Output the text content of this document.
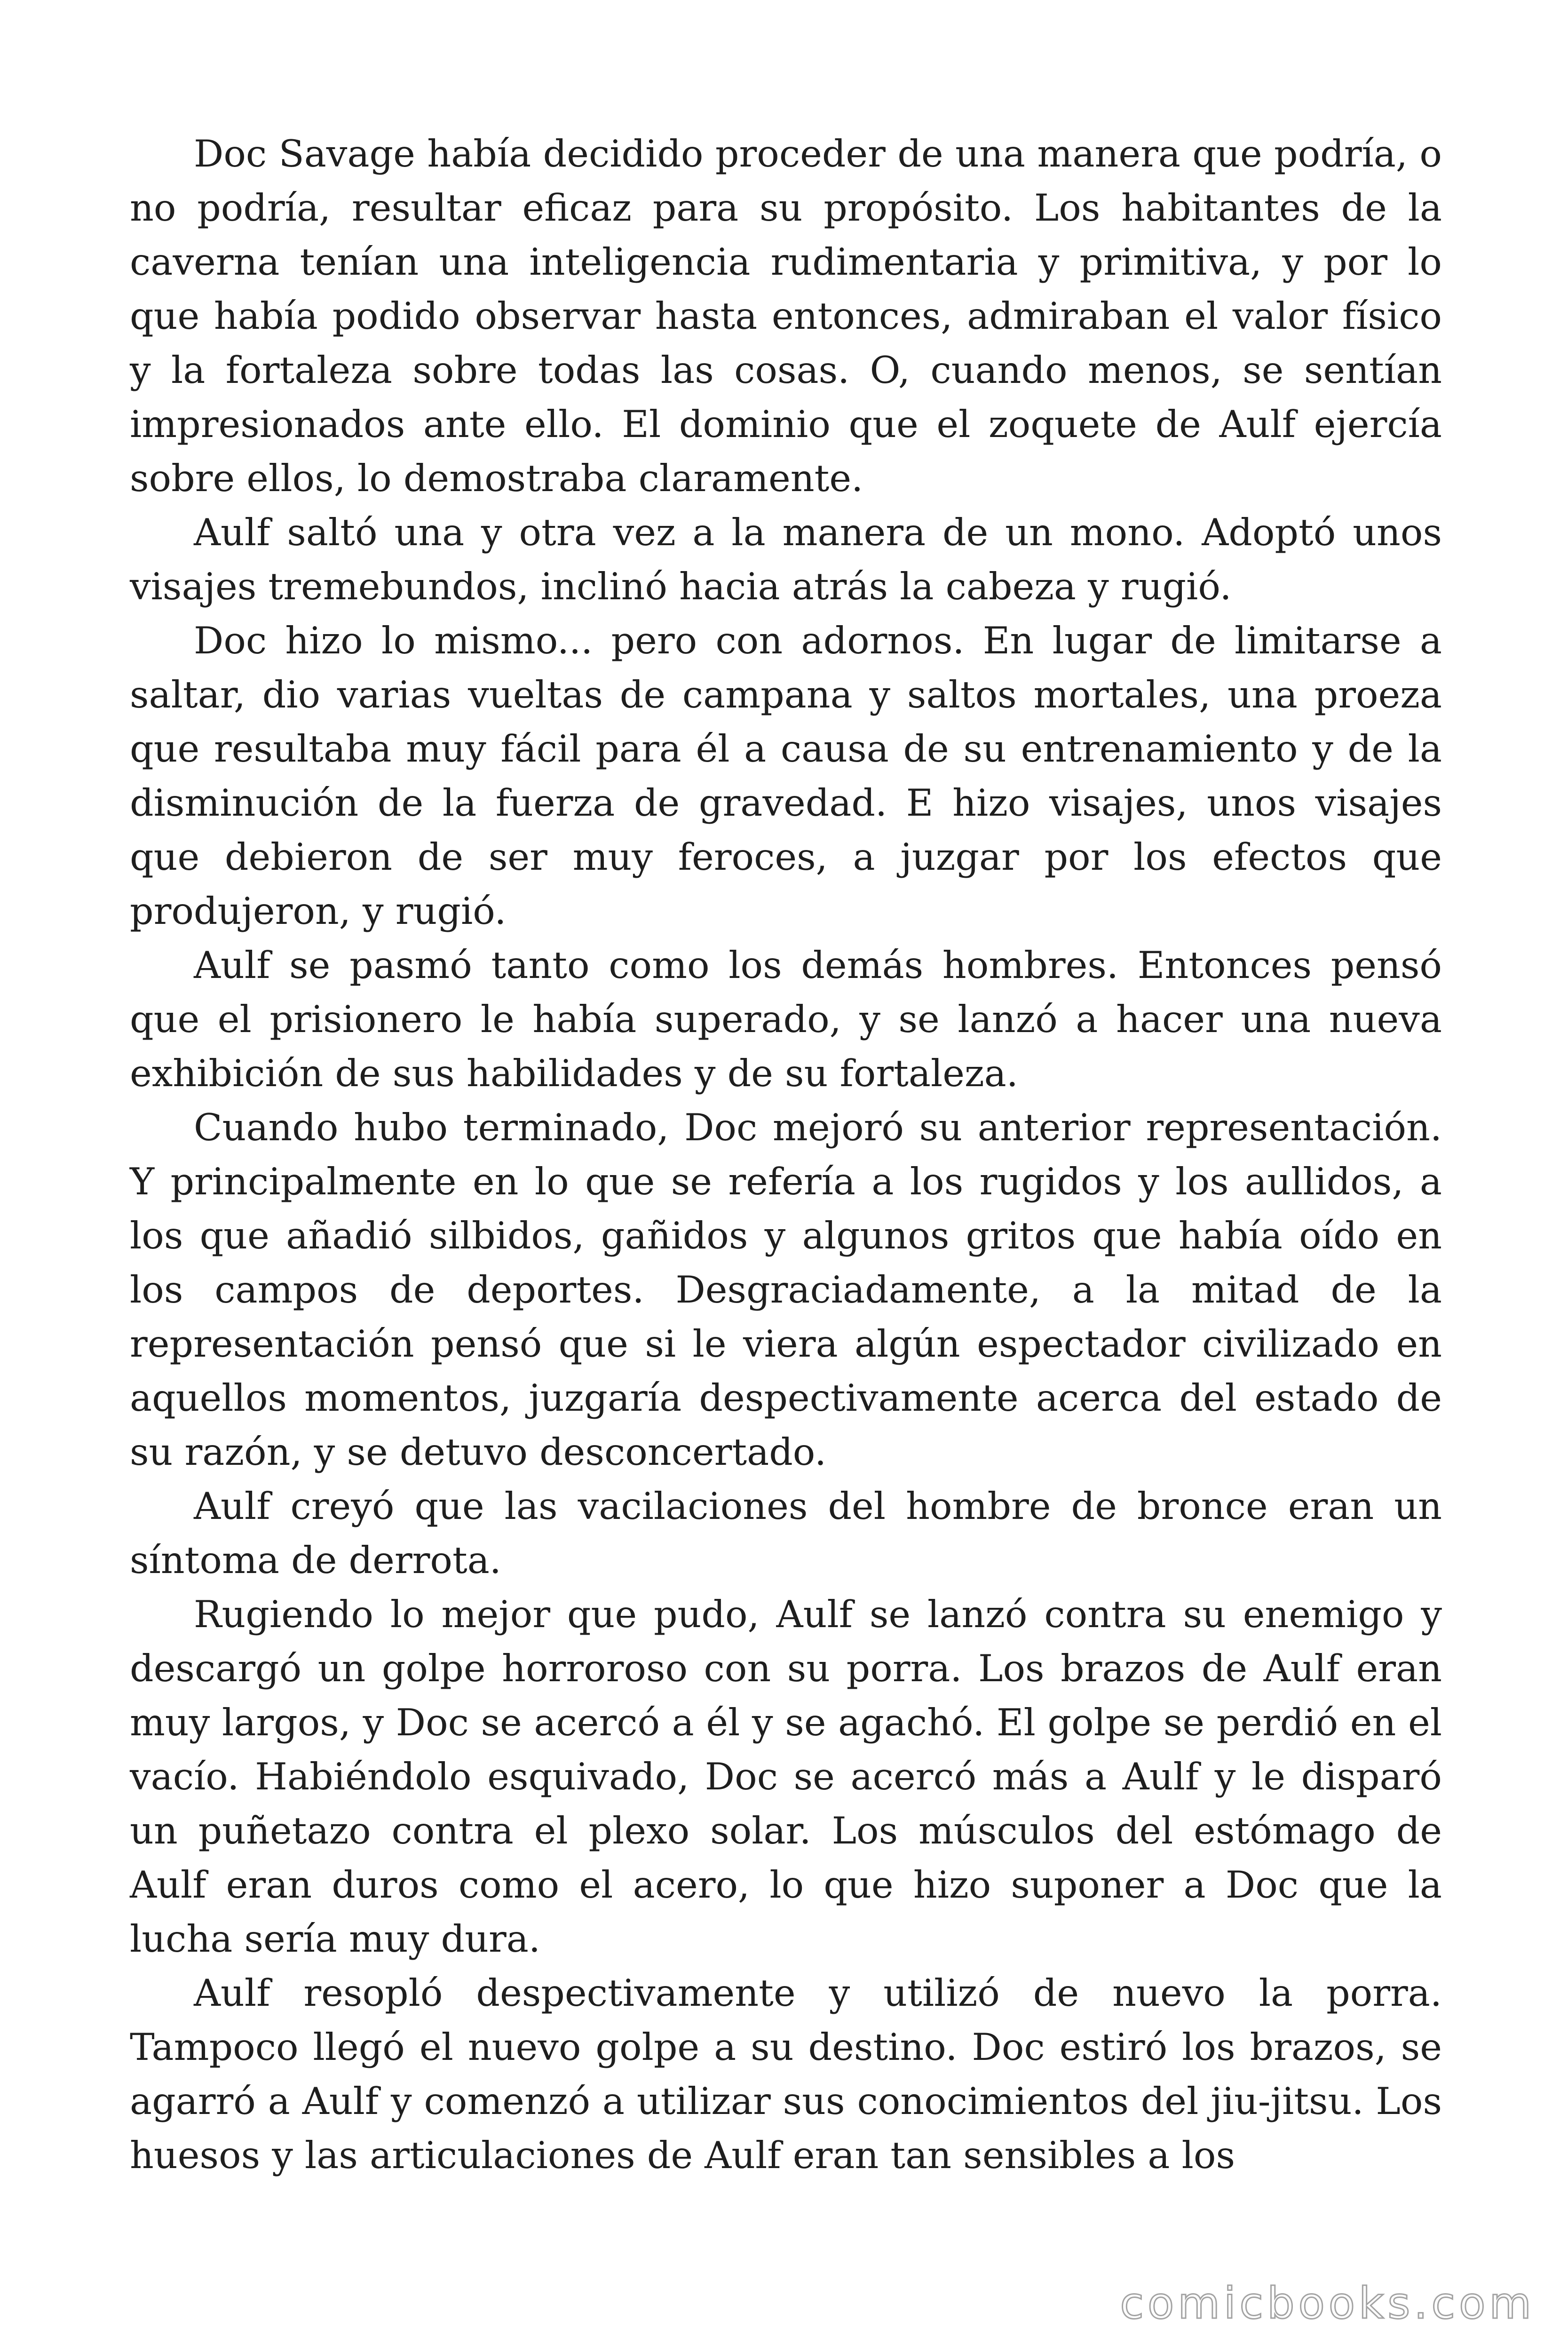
Doc Savage había decidido proceder de una manera que podría, o no podría, resultar eficaz para su propósito. Los habitantes de la caverna tenían una inteligencia rudimentaria y primitiva, y por lo que había podido observar hasta entonces, admiraban el valor físico y la fortaleza sobre todas las cosas. O, cuando menos, se sentían impresionados ante ello. El dominio que el zoquete de Aulf ejercía sobre ellos, lo demostraba claramente.

Aulf saltó una y otra vez a la manera de un mono. Adoptó unos visajes tremebundos, inclinó hacia atrás la cabeza y rugió.

Doc hizo lo mismo... pero con adornos. En lugar de limitarse a saltar, dio varias vueltas de campana y saltos mortales, una proeza que resultaba muy fácil para él a causa de su entrenamiento y de la disminución de la fuerza de gravedad. E hizo visajes, unos visajes que debieron de ser muy feroces, a juzgar por los efectos que produjeron, y rugió.

Aulf se pasmó tanto como los demás hombres. Entonces pensó que el prisionero le había superado, y se lanzó a hacer una nueva exhibición de sus habilidades y de su fortaleza.

Cuando hubo terminado, Doc mejoró su anterior representación. Y principalmente en lo que se refería a los rugidos y los aullidos, a los que añadió silbidos, gañidos y algunos gritos que había oído en los campos de deportes. Desgraciadamente, a la mitad de la representación pensó que si le viera algún espectador civilizado en aquellos momentos, juzgaría despectivamente acerca del estado de su razón, y se detuvo desconcertado.

Aulf creyó que las vacilaciones del hombre de bronce eran un síntoma de derrota.

Rugiendo lo mejor que pudo, Aulf se lanzó contra su enemigo y descargó un golpe horroroso con su porra. Los brazos de Aulf eran muy largos, y Doc se acercó a él y se agachó. El golpe se perdió en el vacío. Habiéndolo esquivado, Doc se acercó más a Aulf y le disparó un puñetazo contra el plexo solar. Los músculos del estómago de Aulf eran duros como el acero, lo que hizo suponer a Doc que la lucha sería muy dura.

Aulf resopló despectivamente y utilizó de nuevo la porra. Tampoco llegó el nuevo golpe a su destino. Doc estiró los brazos, se agarró a Aulf y comenzó a utilizar sus conocimientos del jiu-jitsu. Los huesos y las articulaciones de Aulf eran tan sensibles a los

comicbooks.com
